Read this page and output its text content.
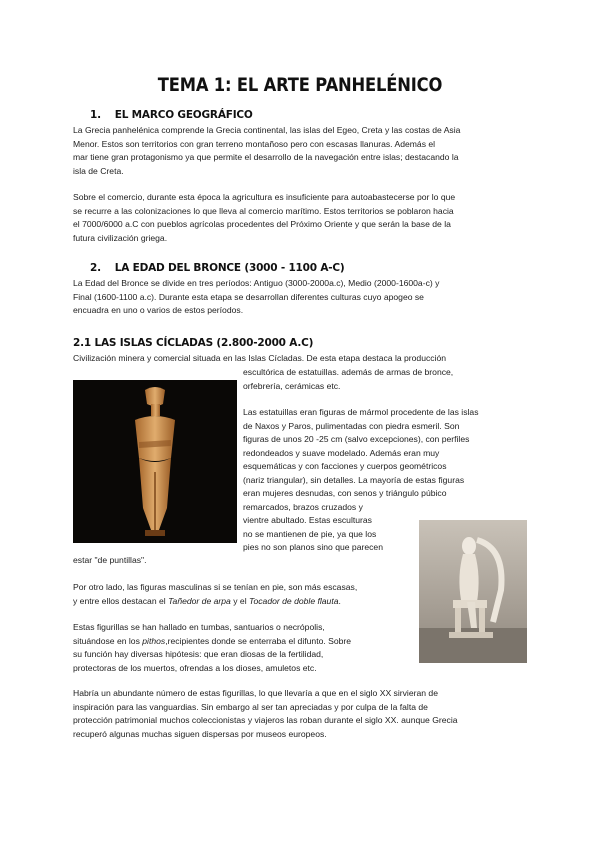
TEMA 1: EL ARTE PANHELÉNICO
1. EL MARCO GEOGRÁFICO
La Grecia panhelénica comprende la Grecia continental, las islas del Egeo, Creta y las costas de Asia
Menor. Estos son territorios con gran terreno montañoso pero con escasas llanuras. Además el
mar tiene gran protagonismo ya que permite el desarrollo de la navegación entre islas; destacando la
isla de Creta.
Sobre el comercio, durante esta época la agricultura es insuficiente para autoabastecerse por lo que
se recurre a las colonizaciones lo que lleva al comercio marítimo. Estos territorios se poblaron hacia
el 7000/6000 a.C con pueblos agrícolas procedentes del Próximo Oriente y que serán la base de la
futura civilización griega.
2. LA EDAD DEL BRONCE (3000 - 1100 A-C)
La Edad del Bronce se divide en tres períodos: Antiguo (3000-2000a.c), Medio (2000-1600a-c) y
Final (1600-1100 a.c). Durante esta etapa se desarrollan diferentes culturas cuyo apogeo se
encuadra en uno o varios de estos períodos.
2.1 LAS ISLAS CÍCLADAS (2.800-2000 A.C)
Civilización minera y comercial situada en las Islas Cícladas. De esta etapa destaca la producción
escultórica de estatuillas. además de armas de bronce,
orfebrería, cerámicas etc.
Las estatuillas eran figuras de mármol procedente de las islas
de Naxos y Paros, pulimentadas con piedra esmeril. Son
figuras de unos 20 -25 cm (salvo excepciones), con perfiles
redondeados y suave modelado. Además eran muy
esquemáticas y con facciones y cuerpos geométricos
(nariz triangular), sin detalles. La mayoría de estas figuras
eran mujeres desnudas, con senos y triángulo púbico
remarcados, brazos cruzados y
vientre abultado. Estas esculturas
no se mantienen de pie, ya que los
pies no son planos sino que parecen
estar "de puntillas".
Por otro lado, las figuras masculinas si se tenían en pie, son más escasas,
y entre ellos destacan el Tañedor de arpa y el Tocador de doble flauta.
Estas figurillas se han hallado en tumbas, santuarios o necrópolis,
situándose en los pithos,recipientes donde se enterraba el difunto. Sobre
su función hay diversas hipótesis: que eran diosas de la fertilidad,
protectoras de los muertos, ofrendas a los dioses, amuletos etc.
Habría un abundante número de estas figurillas, lo que llevaría a que en el siglo XX sirvieran de
inspiración para las vanguardias. Sin embargo al ser tan apreciadas y por culpa de la falta de
protección patrimonial muchos coleccionistas y viajeros las roban durante el siglo XX. aunque Grecia
recuperó algunas muchas siguen dispersas por museos europeos.
